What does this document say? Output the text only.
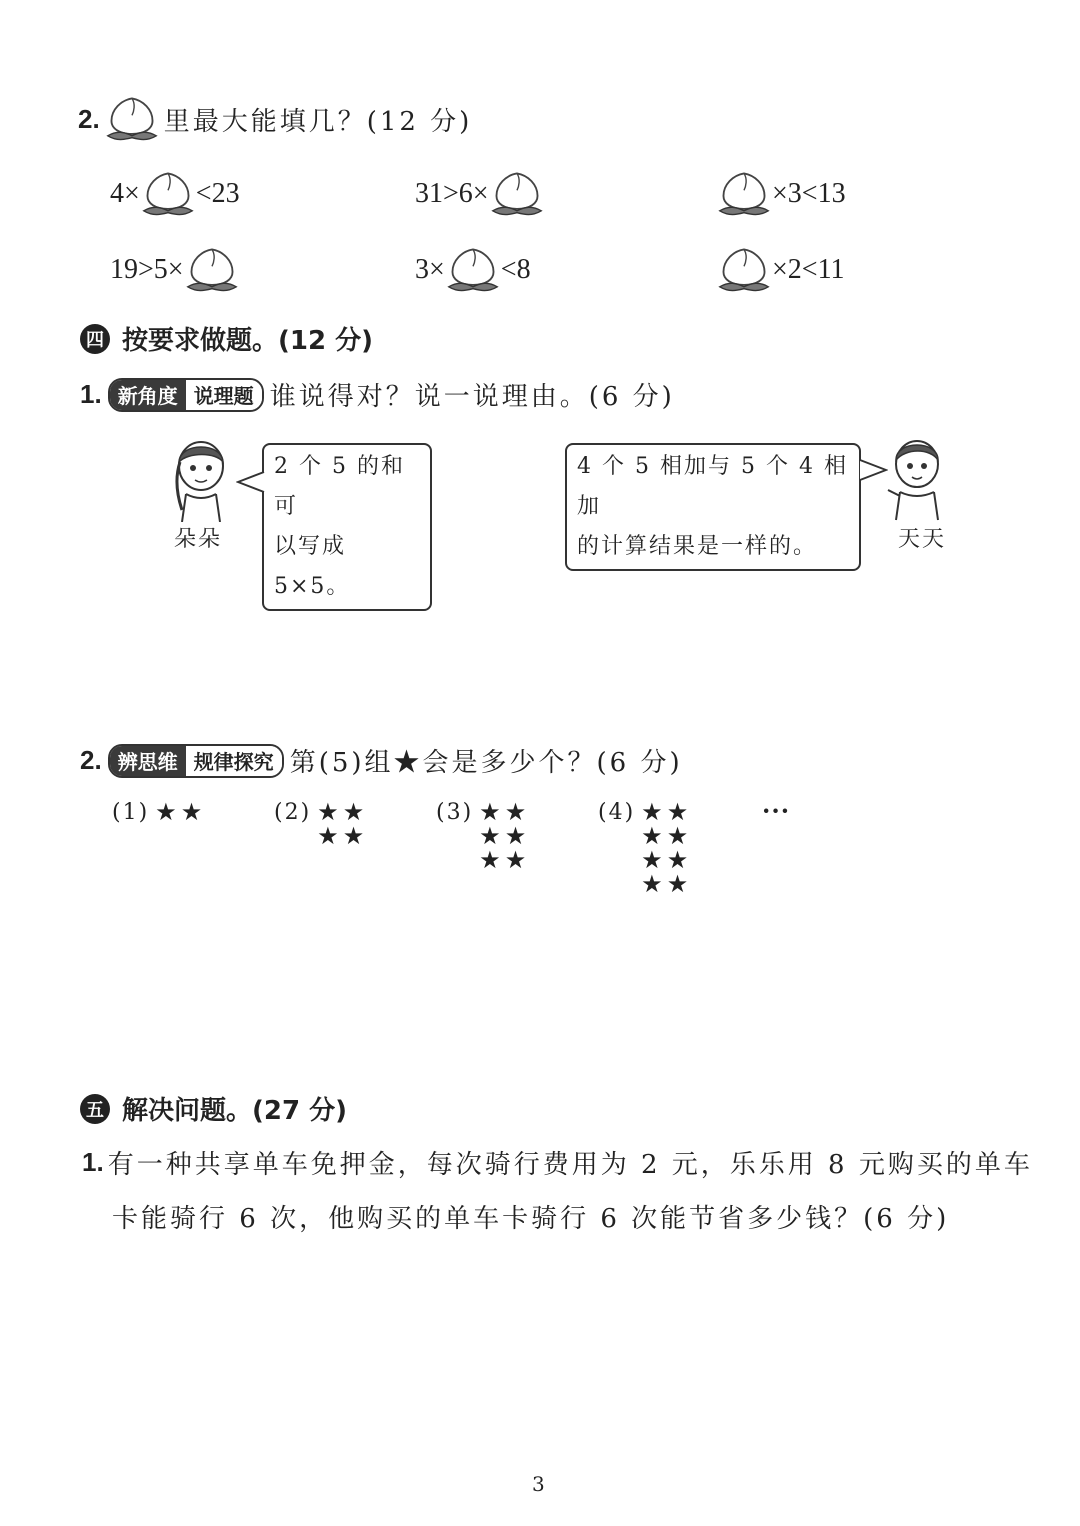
2. 里最大能填几？(12 分)
4× <23	31>6×	×3<13
19>5×	3× <8	×2<11
四 按要求做题。(12 分)
1. 新角度 说理题 谁说得对？说一说理由。(6 分)
朵朵
2 个 5 的和可
以写成 5×5。
4 个 5 相加与 5 个 4 相加
的计算结果是一样的。	天天
2. 辨思维 规律探究 第(5)组★会是多少个？(6 分)
(1) ★★	(2) ★★
★★
(3) ★★
★★
★★
(4) ★★
★★
★★
★★
···
五 解决问题。(27 分)
1. 有一种共享单车免押金，每次骑行费用为 2 元，乐乐用 8 元购买的单车
卡能骑行 6 次，他购买的单车卡骑行 6 次能节省多少钱？(6 分)
3
